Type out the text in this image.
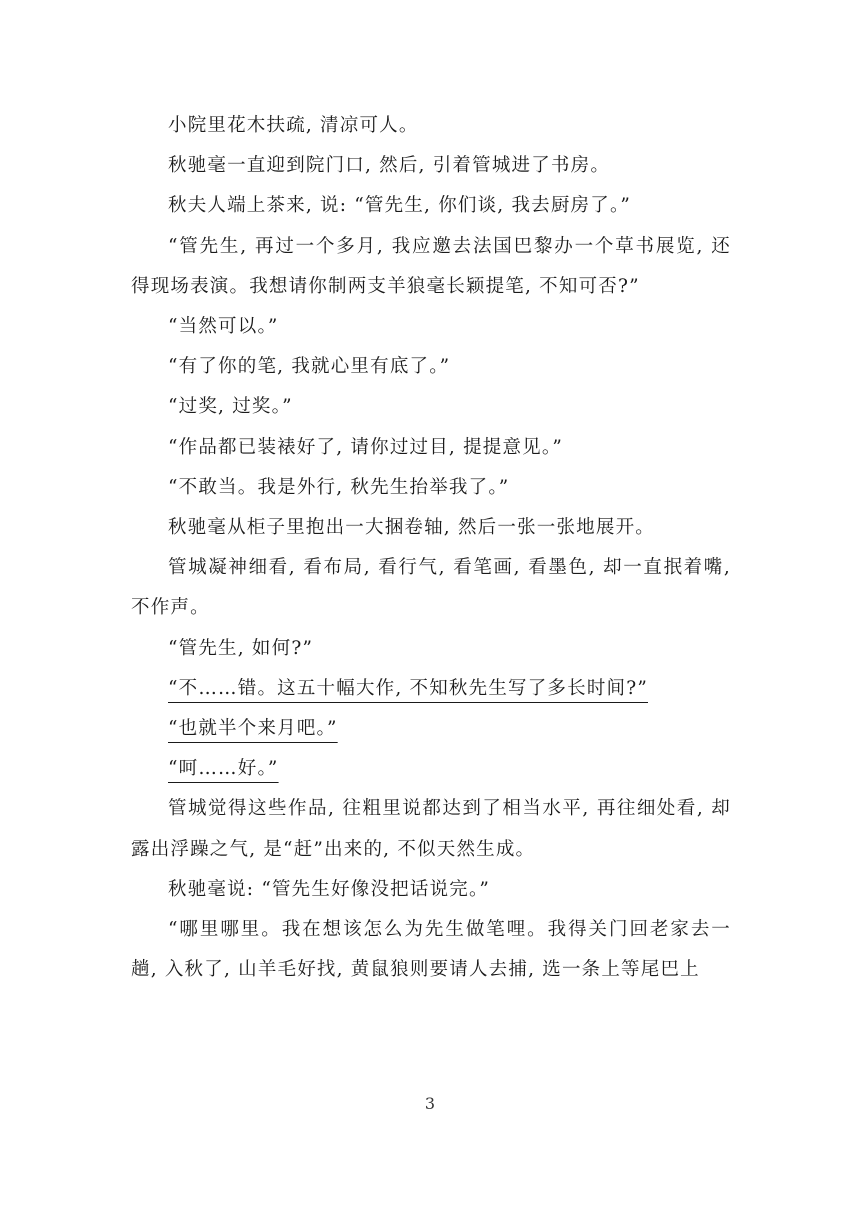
小院里花木扶疏, 清凉可人。

秋驰毫一直迎到院门口, 然后, 引着管城进了书房。

秋夫人端上茶来, 说: “管先生, 你们谈, 我去厨房了。”

“管先生, 再过一个多月, 我应邀去法国巴黎办一个草书展览, 还得现场表演。我想请你制两支羊狼毫长颖提笔, 不知可否?”

“当然可以。”

“有了你的笔, 我就心里有底了。”

“过奖, 过奖。”

“作品都已装裱好了, 请你过过目, 提提意见。”

“不敢当。我是外行, 秋先生抬举我了。”

秋驰毫从柜子里抱出一大捆卷轴, 然后一张一张地展开。

管城凝神细看, 看布局, 看行气, 看笔画, 看墨色, 却一直抿着嘴, 不作声。

“管先生, 如何?”

“不……错。这五十幅大作, 不知秋先生写了多长时间?”

“也就半个来月吧。”

“呵……好。”

管城觉得这些作品, 往粗里说都达到了相当水平, 再往细处看, 却露出浮躁之气, 是“赶”出来的, 不似天然生成。

秋驰毫说: “管先生好像没把话说完。”

“哪里哪里。我在想该怎么为先生做笔哩。我得关门回老家去一趟, 入秋了, 山羊毛好找, 黄鼠狼则要请人去捕, 选一条上等尾巴上

3
